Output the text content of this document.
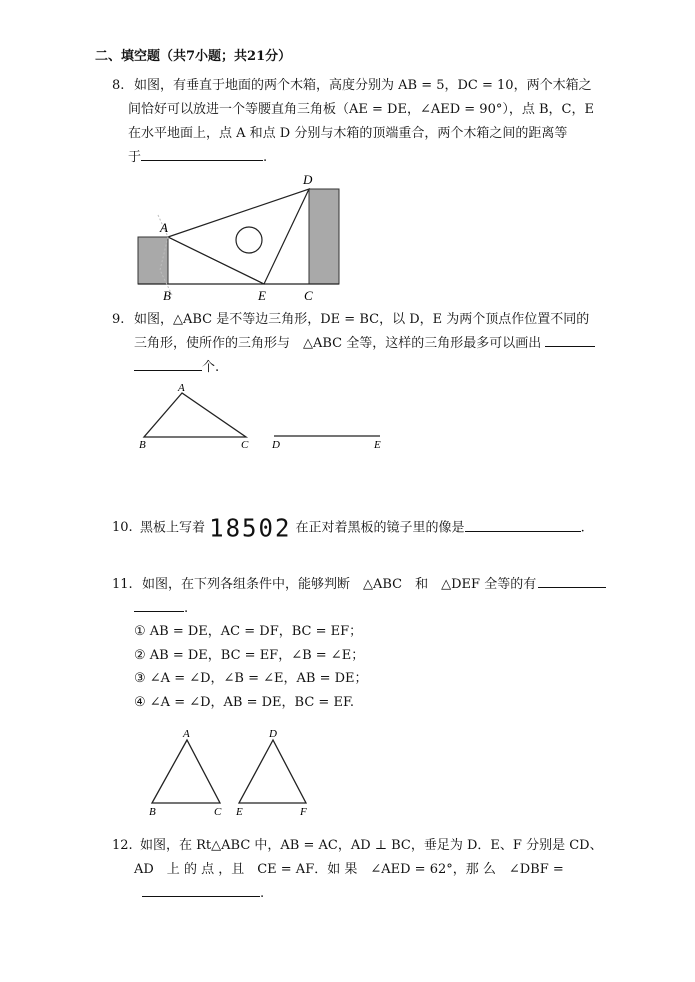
二、填空题（共7小题；共21分）
8. 如图，有垂直于地面的两个木箱，高度分别为 AB = 5，DC = 10，两个木箱之
间恰好可以放进一个等腰直角三角板（AE = DE，∠AED = 90°），点 B，C，E
在水平地面上，点 A 和点 D 分别与木箱的顶端重合，两个木箱之间的距离等
于	.
A
D
B	E	C
9. 如图，△ABC 是不等边三角形，DE = BC，以 D，E 为两个顶点作位置不同的
三角形，使所作的三角形与　△ABC 全等，这样的三角形最多可以画出
个.
A
B	C D	E
10. 黑板上写着 18502 在正对着黑板的镜子里的像是	.
11. 如图，在下列各组条件中，能够判断　△ABC　和　△DEF 全等的有
.
① AB = DE，AC = DF，BC = EF；
② AB = DE，BC = EF，∠B = ∠E；
③ ∠A = ∠D，∠B = ∠E，AB = DE；
④ ∠A = ∠D，AB = DE，BC = EF.
A
B	C
D
E	F
12. 如图，在 Rt△ABC 中，AB = AC，AD ⊥ BC，垂足为 D．E、F 分别是 CD、
AD　上 的 点 ，且　CE = AF．如 果　∠AED = 62°，那 么　∠DBF =
.
